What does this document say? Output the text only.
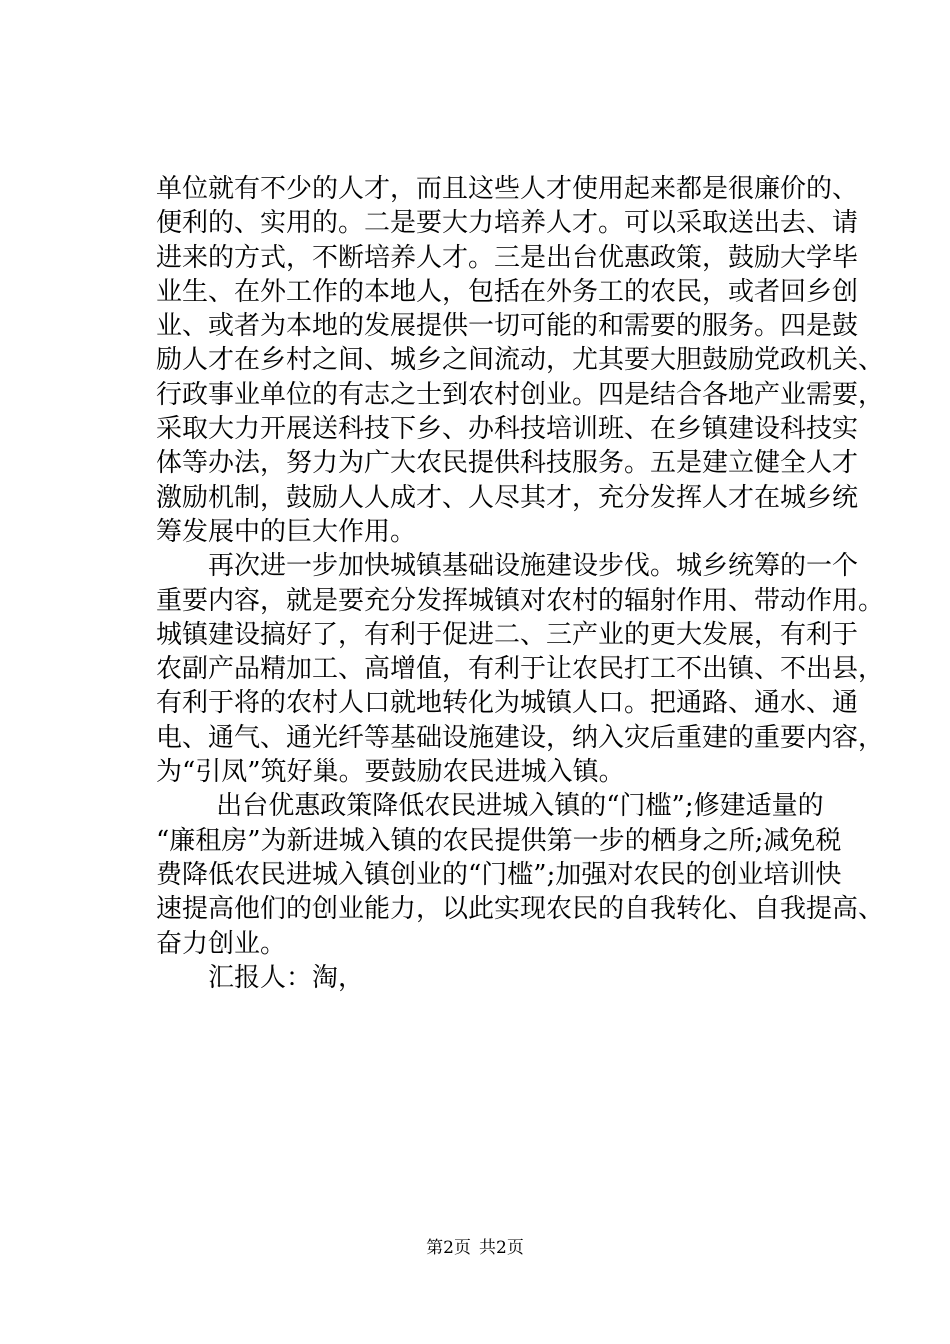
单位就有不少的人才，而且这些人才使用起来都是很廉价的、
便利的、实用的。二是要大力培养人才。可以采取送出去、请
进来的方式，不断培养人才。三是出台优惠政策，鼓励大学毕
业生、在外工作的本地人，包括在外务工的农民，或者回乡创
业、或者为本地的发展提供一切可能的和需要的服务。四是鼓
励人才在乡村之间、城乡之间流动，尤其要大胆鼓励党政机关、
行政事业单位的有志之士到农村创业。四是结合各地产业需要，
采取大力开展送科技下乡、办科技培训班、在乡镇建设科技实
体等办法，努力为广大农民提供科技服务。五是建立健全人才
激励机制，鼓励人人成才、人尽其才，充分发挥人才在城乡统
筹发展中的巨大作用。
　　再次进一步加快城镇基础设施建设步伐。城乡统筹的一个
重要内容，就是要充分发挥城镇对农村的辐射作用、带动作用。
城镇建设搞好了，有利于促进二、三产业的更大发展，有利于
农副产品精加工、高增值，有利于让农民打工不出镇、不出县，
有利于将的农村人口就地转化为城镇人口。把通路、通水、通
电、通气、通光纤等基础设施建设，纳入灾后重建的重要内容，
为“引凤”筑好巢。要鼓励农民进城入镇。
　　 出台优惠政策降低农民进城入镇的“门槛”;修建适量的
“廉租房”为新进城入镇的农民提供第一步的栖身之所;减免税
费降低农民进城入镇创业的“门槛”;加强对农民的创业培训快
速提高他们的创业能力，以此实现农民的自我转化、自我提高、
奋力创业。
　　汇报人：淘，
第2页 共2页
